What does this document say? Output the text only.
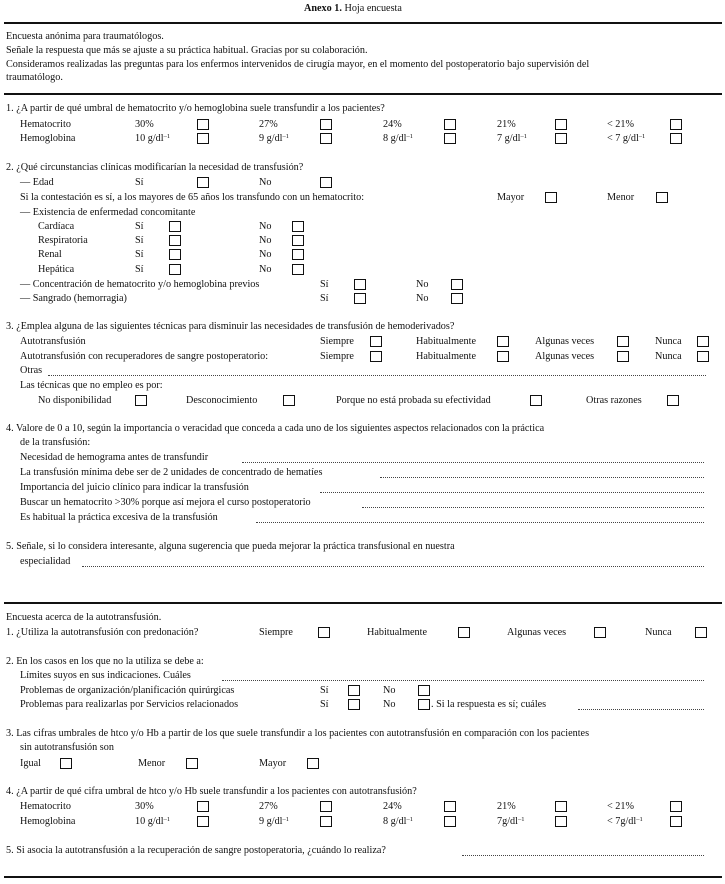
Anexo 1. Hoja encuesta
Encuesta anónima para traumatólogos.
Señale la respuesta que más se ajuste a su práctica habitual. Gracias por su colaboración.
Consideramos realizadas las preguntas para los enfermos intervenidos de cirugía mayor, en el momento del postoperatorio bajo supervisión del
traumatólogo.
1. ¿A partir de qué umbral de hematocrito y/o hemoglobina suele transfundir a los pacientes?
Hematocrito	30%	27%	24%	21%	< 21%
Hemoglobina	10 $g/dl^{-1}$	9 $g/dl^{-1}$	8 $g/dl^{-1}$	7 $g/dl^{-1}$	< 7 $g/dl^{-1}$
2. ¿Qué circunstancias clínicas modificarían la necesidad de transfusión?
— Edad	Sí	No
Si la contestación es sí, a los mayores de 65 años los transfundo con un hematocrito:	Mayor	Menor
— Existencia de enfermedad concomitante
Cardíaca	Sí	No
Respiratoria	Sí	No
Renal	Sí	No
Hepática	Sí	No
— Concentración de hematocrito y/o hemoglobina previos	Sí	No
— Sangrado (hemorragia)	Sí	No
3. ¿Emplea alguna de las siguientes técnicas para disminuir las necesidades de transfusión de hemoderivados?
Autotransfusión	Siempre	Habitualmente	Algunas veces	Nunca
Autotransfusión con recuperadores de sangre postoperatorio:	Siempre	Habitualmente	Algunas veces	Nunca
Otras
Las técnicas que no empleo es por:
No disponibilidad	Desconocimiento	Porque no está probada su efectividad	Otras razones
4. Valore de 0 a 10, según la importancia o veracidad que conceda a cada uno de los siguientes aspectos relacionados con la práctica
de la transfusión:
Necesidad de hemograma antes de transfundir
La transfusión mínima debe ser de 2 unidades de concentrado de hematíes
Importancia del juicio clínico para indicar la transfusión
Buscar un hematocrito >30% porque así mejora el curso postoperatorio
Es habitual la práctica excesiva de la transfusión
5. Señale, si lo considera interesante, alguna sugerencia que pueda mejorar la práctica transfusional en nuestra
especialidad
Encuesta acerca de la autotransfusión.
1. ¿Utiliza la autotransfusión con predonación?	Siempre	Habitualmente	Algunas veces	Nunca
2. En los casos en los que no la utiliza se debe a:
Límites suyos en sus indicaciones. Cuáles
Problemas de organización/planificación quirúrgicas	Sí	No
Problemas para realizarlas por Servicios relacionados	Sí	No	. Si la respuesta es sí; cuáles
3. Las cifras umbrales de htco y/o Hb a partir de los que suele transfundir a los pacientes con autotransfusión en comparación con los pacientes
sin autotransfusión son
Igual	Menor	Mayor
4. ¿A partir de qué cifra umbral de htco y/o Hb suele transfundir a los pacientes con autotransfusión?
Hematocrito	30%	27%	24%	21%	< 21%
Hemoglobina	10 $g/dl^{-1}$	9 $g/dl^{-1}$	8 $g/dl^{-1}$	$7g/dl^{-1}$	< $7g/dl^{-1}$
5. Si asocia la autotransfusión a la recuperación de sangre postoperatoria, ¿cuándo lo realiza?
